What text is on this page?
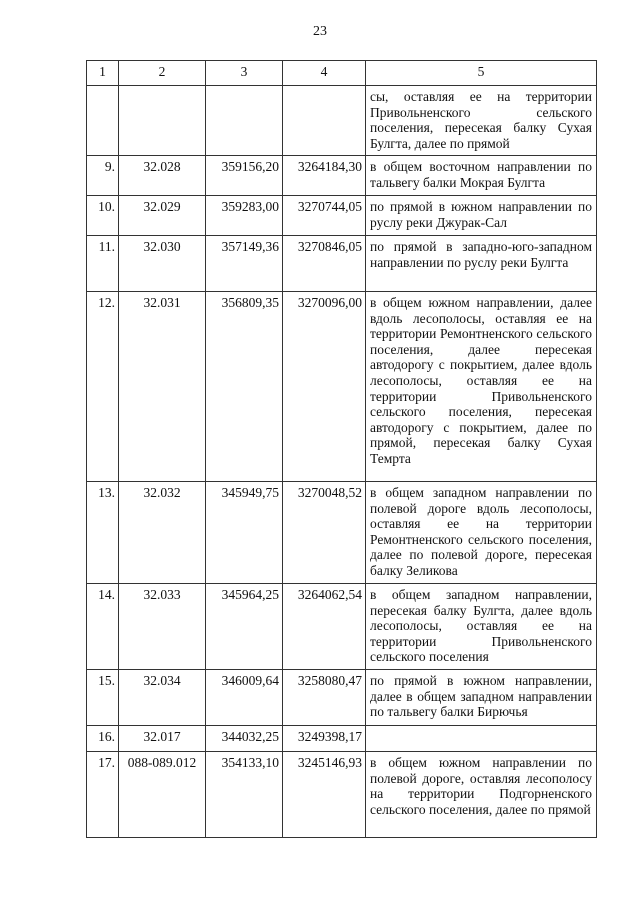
23
1	2	3	4	5
				сы, оставляя ее на территории Привольненского сельского поселения, пересекая балку Сухая Булгта, далее по прямой
9.	32.028	359156,20	3264184,30	в общем восточном направлении по тальвегу балки Мокрая Булгта
10.	32.029	359283,00	3270744,05	по прямой в южном направлении по руслу реки Джурак-Сал
11.	32.030	357149,36	3270846,05	по прямой в западно-юго-западном направлении по руслу реки Булгта
12.	32.031	356809,35	3270096,00	в общем южном направлении, далее вдоль лесополосы, оставляя ее на территории Ремонтненского сельского поселения, далее пересекая автодорогу с покрытием, далее вдоль лесополосы, оставляя ее на территории Привольненского сельского поселения, пересекая автодорогу с покрытием, далее по прямой, пересекая балку Сухая Темрта
13.	32.032	345949,75	3270048,52	в общем западном направлении по полевой дороге вдоль лесополосы, оставляя ее на территории Ремонтненского сельского поселения, далее по полевой дороге, пересекая балку Зеликова
14.	32.033	345964,25	3264062,54	в общем западном направлении, пересекая балку Булгта, далее вдоль лесополосы, оставляя ее на территории Привольненского сельского поселения
15.	32.034	346009,64	3258080,47	по прямой в южном направлении, далее в общем западном направлении по тальвегу балки Бирючья
16.	32.017	344032,25	3249398,17	
17.	088-089.012	354133,10	3245146,93	в общем южном направлении по полевой дороге, оставляя лесополосу на территории Подгорненского сельского поселения, далее по прямой
